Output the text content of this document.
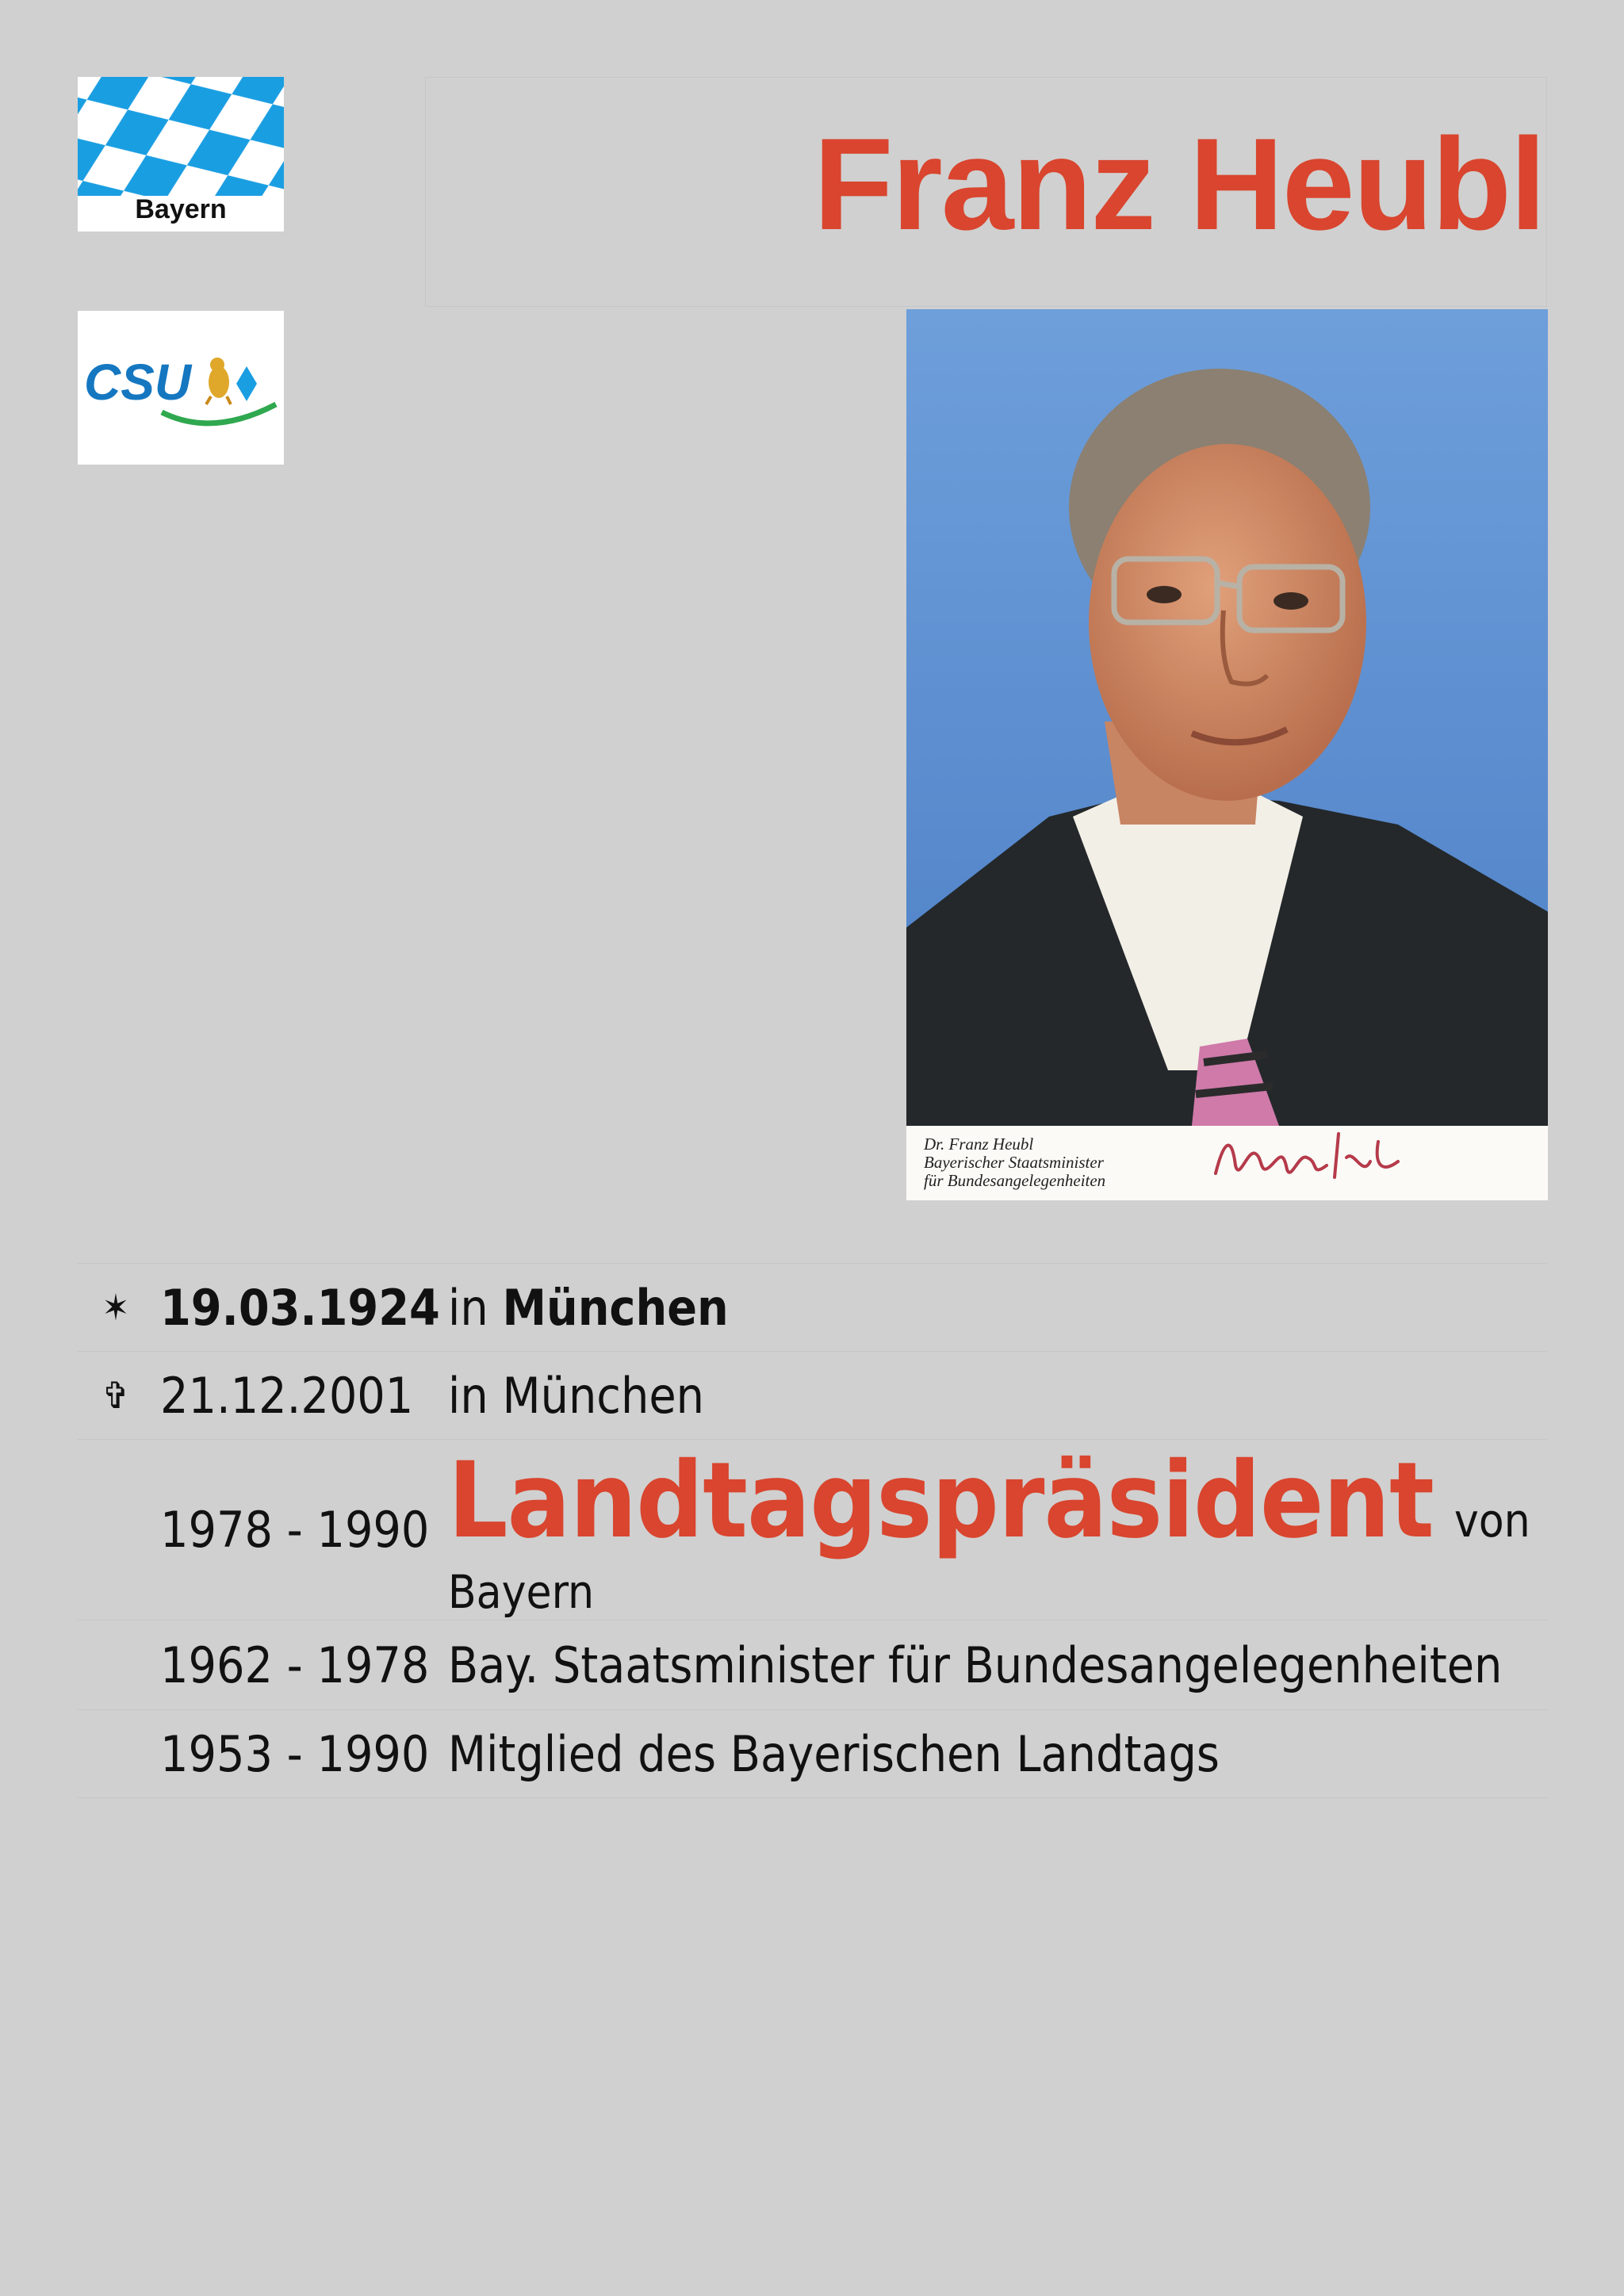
Bayern
CSU
Franz Heubl
Dr. Franz Heubl
Bayerischer Staatsminister
für Bundesangelegenheiten
✶	19.03.1924	in München
✞	21.12.2001	in München
	1978 - 1990	Landtagspräsident von Bayern
	1962 - 1978	Bay. Staatsminister für Bundesangelegenheiten
	1953 - 1990	Mitglied des Bayerischen Landtags
